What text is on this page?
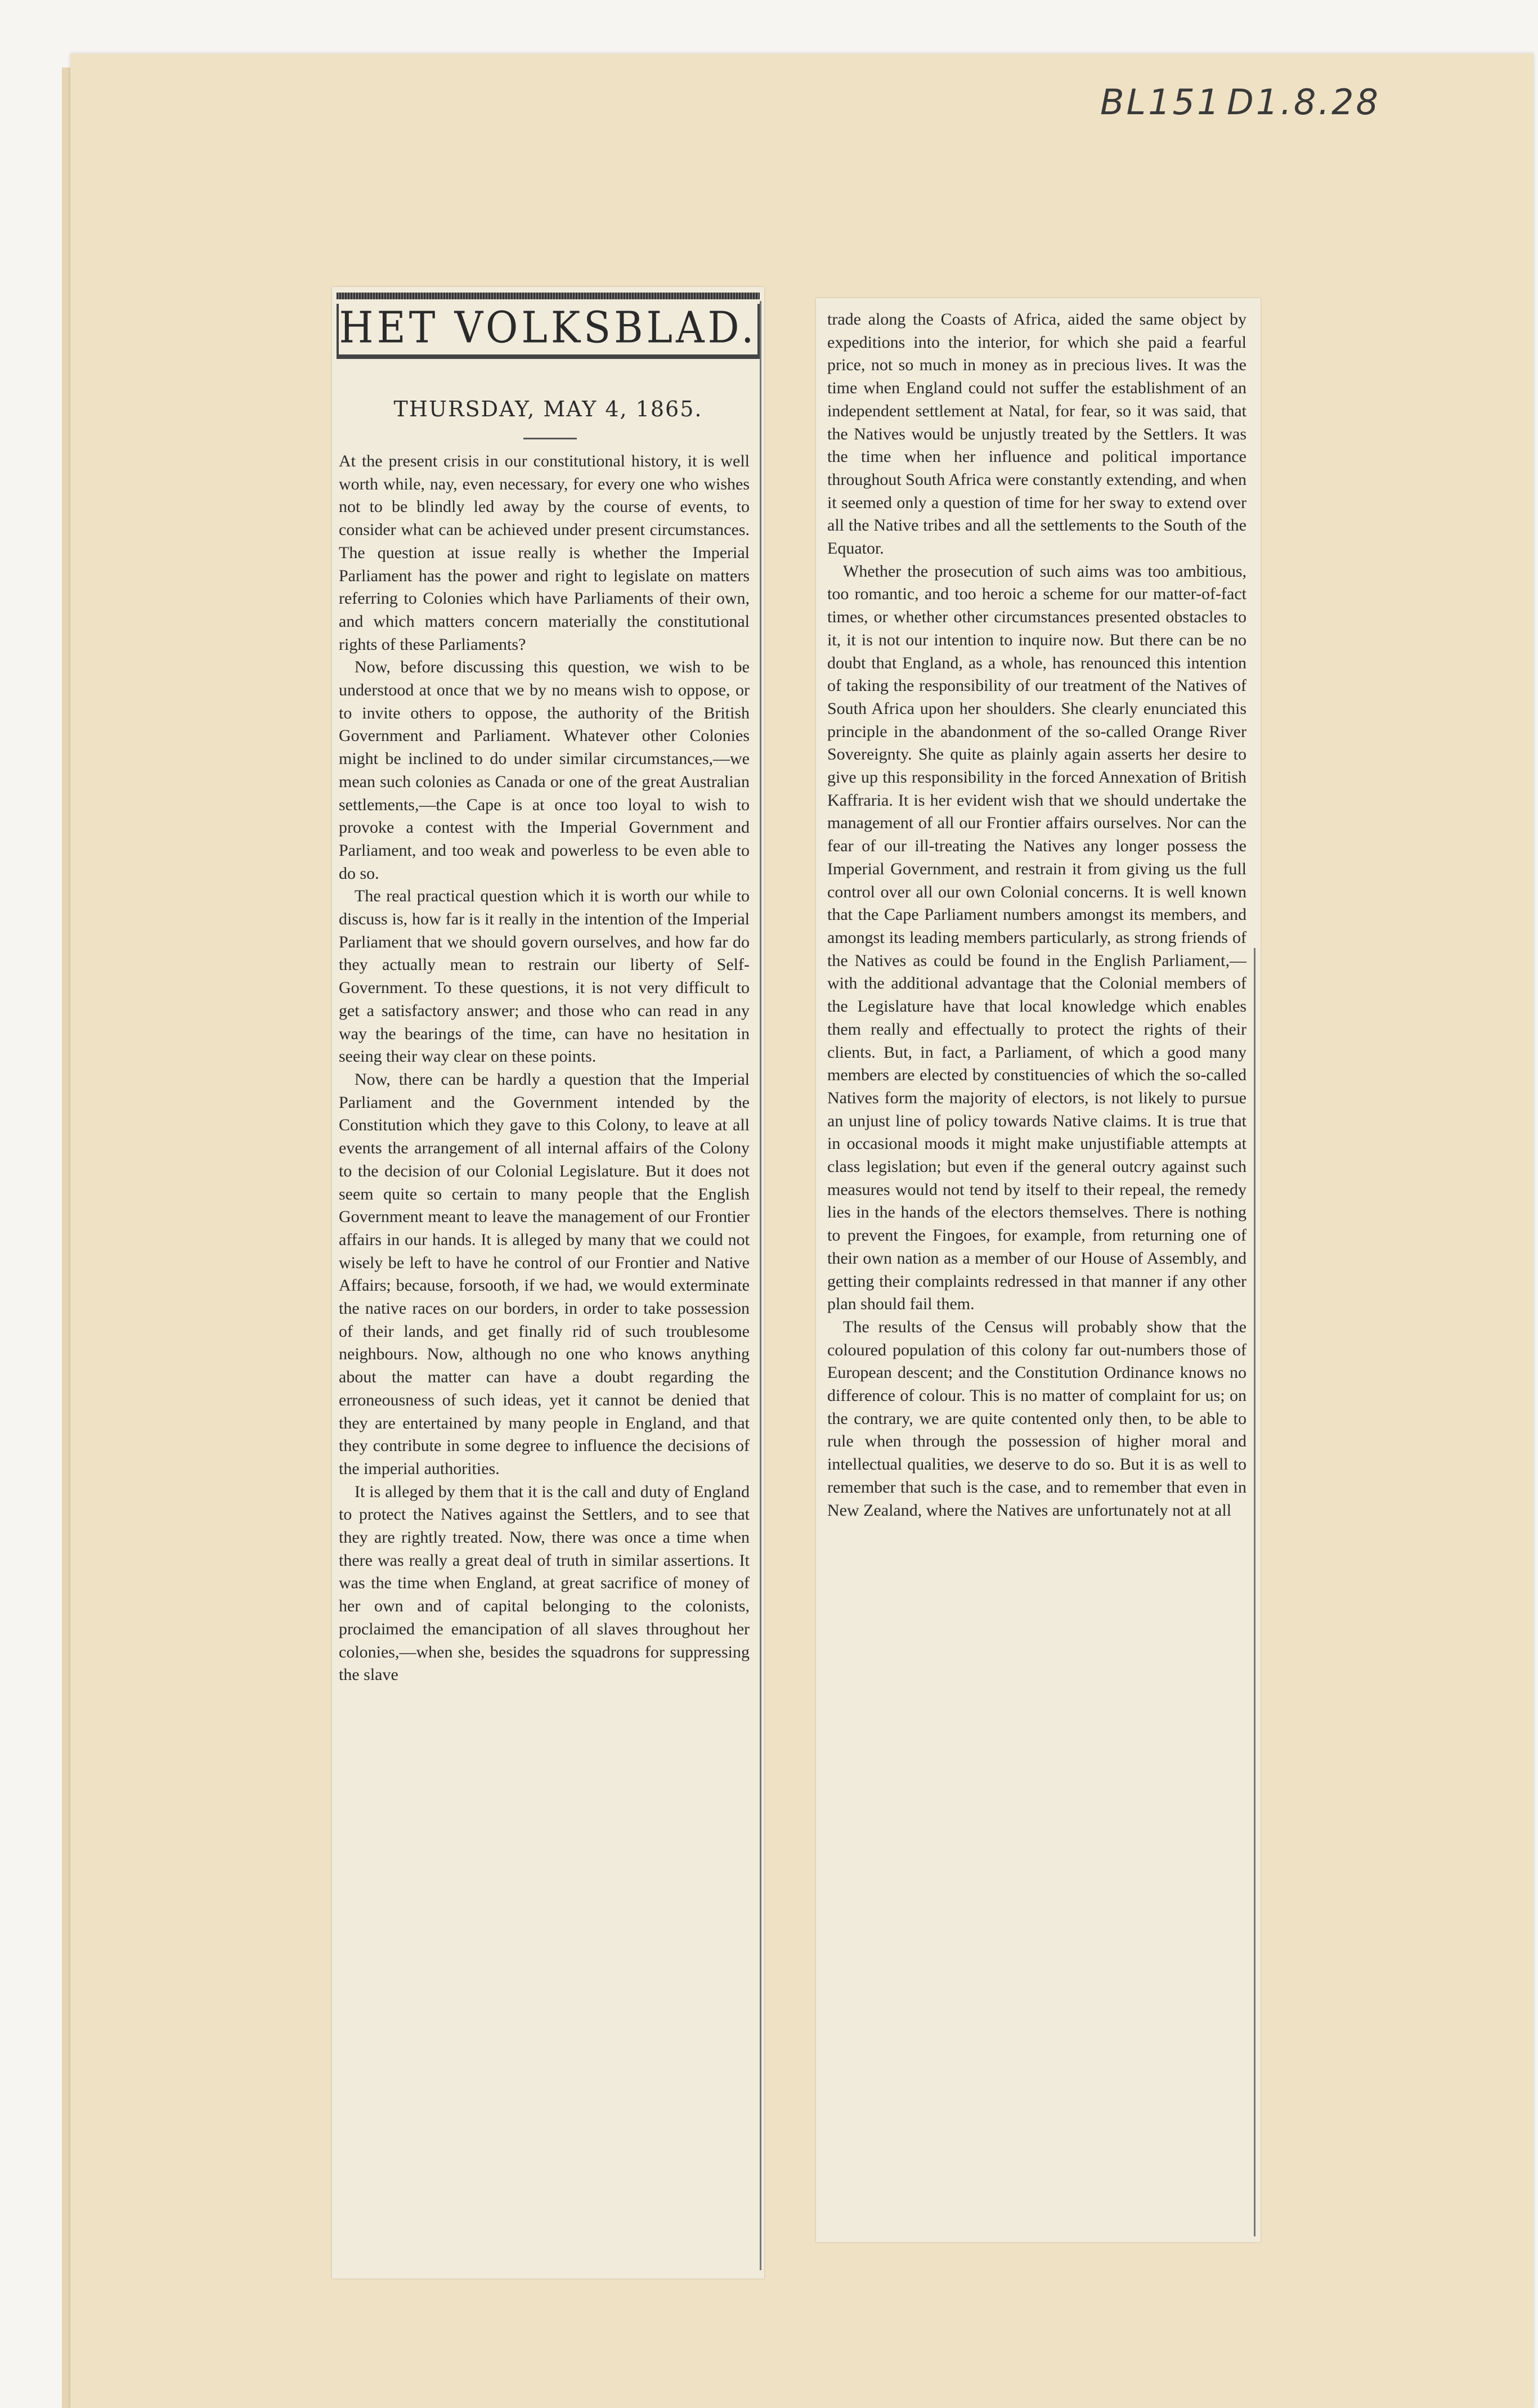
BL151 D1.8.28
HET VOLKSBLAD.
THURSDAY, MAY 4, 1865.

At the present crisis in our constitutional history, it is well worth while, nay, even necessary, for every one who wishes not to be blindly led away by the course of events, to consider what can be achieved under present circumstances. The question at issue really is whether the Imperial Parliament has the power and right to legislate on matters referring to Colonies which have Parliaments of their own, and which matters concern materially the constitutional rights of these Parliaments?

Now, before discussing this question, we wish to be understood at once that we by no means wish to oppose, or to invite others to oppose, the authority of the British Government and Parliament. Whatever other Colonies might be inclined to do under similar circumstances,—we mean such colonies as Canada or one of the great Australian settlements,—the Cape is at once too loyal to wish to provoke a contest with the Imperial Government and Parliament, and too weak and powerless to be even able to do so.

The real practical question which it is worth our while to discuss is, how far is it really in the intention of the Imperial Parliament that we should govern ourselves, and how far do they actually mean to restrain our liberty of Self-Government. To these questions, it is not very difficult to get a satisfactory answer; and those who can read in any way the bearings of the time, can have no hesitation in seeing their way clear on these points.

Now, there can be hardly a question that the Imperial Parliament and the Government intended by the Constitution which they gave to this Colony, to leave at all events the arrangement of all internal affairs of the Colony to the decision of our Colonial Legislature. But it does not seem quite so certain to many people that the English Government meant to leave the management of our Frontier affairs in our hands. It is alleged by many that we could not wisely be left to have he control of our Frontier and Native Affairs; because, forsooth, if we had, we would exterminate the native races on our borders, in order to take possession of their lands, and get finally rid of such troublesome neighbours. Now, although no one who knows anything about the matter can have a doubt regarding the erroneousness of such ideas, yet it cannot be denied that they are entertained by many people in England, and that they contribute in some degree to influence the decisions of the imperial authorities.

It is alleged by them that it is the call and duty of England to protect the Natives against the Settlers, and to see that they are rightly treated. Now, there was once a time when there was really a great deal of truth in similar assertions. It was the time when England, at great sacrifice of money of her own and of capital belonging to the colonists, proclaimed the emancipation of all slaves throughout her colonies,—when she, besides the squadrons for suppressing the slave

trade along the Coasts of Africa, aided the same object by expeditions into the interior, for which she paid a fearful price, not so much in money as in precious lives. It was the time when England could not suffer the establishment of an independent settlement at Natal, for fear, so it was said, that the Natives would be unjustly treated by the Settlers. It was the time when her influence and political importance throughout South Africa were constantly extending, and when it seemed only a question of time for her sway to extend over all the Native tribes and all the settlements to the South of the Equator.

Whether the prosecution of such aims was too ambitious, too romantic, and too heroic a scheme for our matter-of-fact times, or whether other circumstances presented obstacles to it, it is not our intention to inquire now. But there can be no doubt that England, as a whole, has renounced this intention of taking the responsibility of our treatment of the Natives of South Africa upon her shoulders. She clearly enunciated this principle in the abandonment of the so-called Orange River Sovereignty. She quite as plainly again asserts her desire to give up this responsibility in the forced Annexation of British Kaffraria. It is her evident wish that we should undertake the management of all our Frontier affairs ourselves. Nor can the fear of our ill-treating the Natives any longer possess the Imperial Government, and restrain it from giving us the full control over all our own Colonial concerns. It is well known that the Cape Parliament numbers amongst its members, and amongst its leading members particularly, as strong friends of the Natives as could be found in the English Parliament,—with the additional advantage that the Colonial members of the Legislature have that local knowledge which enables them really and effectually to protect the rights of their clients. But, in fact, a Parliament, of which a good many members are elected by constituencies of which the so-called Natives form the majority of electors, is not likely to pursue an unjust line of policy towards Native claims. It is true that in occasional moods it might make unjustifiable attempts at class legislation; but even if the general outcry against such measures would not tend by itself to their repeal, the remedy lies in the hands of the electors themselves. There is nothing to prevent the Fingoes, for example, from returning one of their own nation as a member of our House of Assembly, and getting their complaints redressed in that manner if any other plan should fail them.

The results of the Census will probably show that the coloured population of this colony far out-numbers those of European descent; and the Constitution Ordinance knows no difference of colour. This is no matter of complaint for us; on the contrary, we are quite contented only then, to be able to rule when through the possession of higher moral and intellectual qualities, we deserve to do so. But it is as well to remember that such is the case, and to remember that even in New Zealand, where the Natives are unfortunately not at all
